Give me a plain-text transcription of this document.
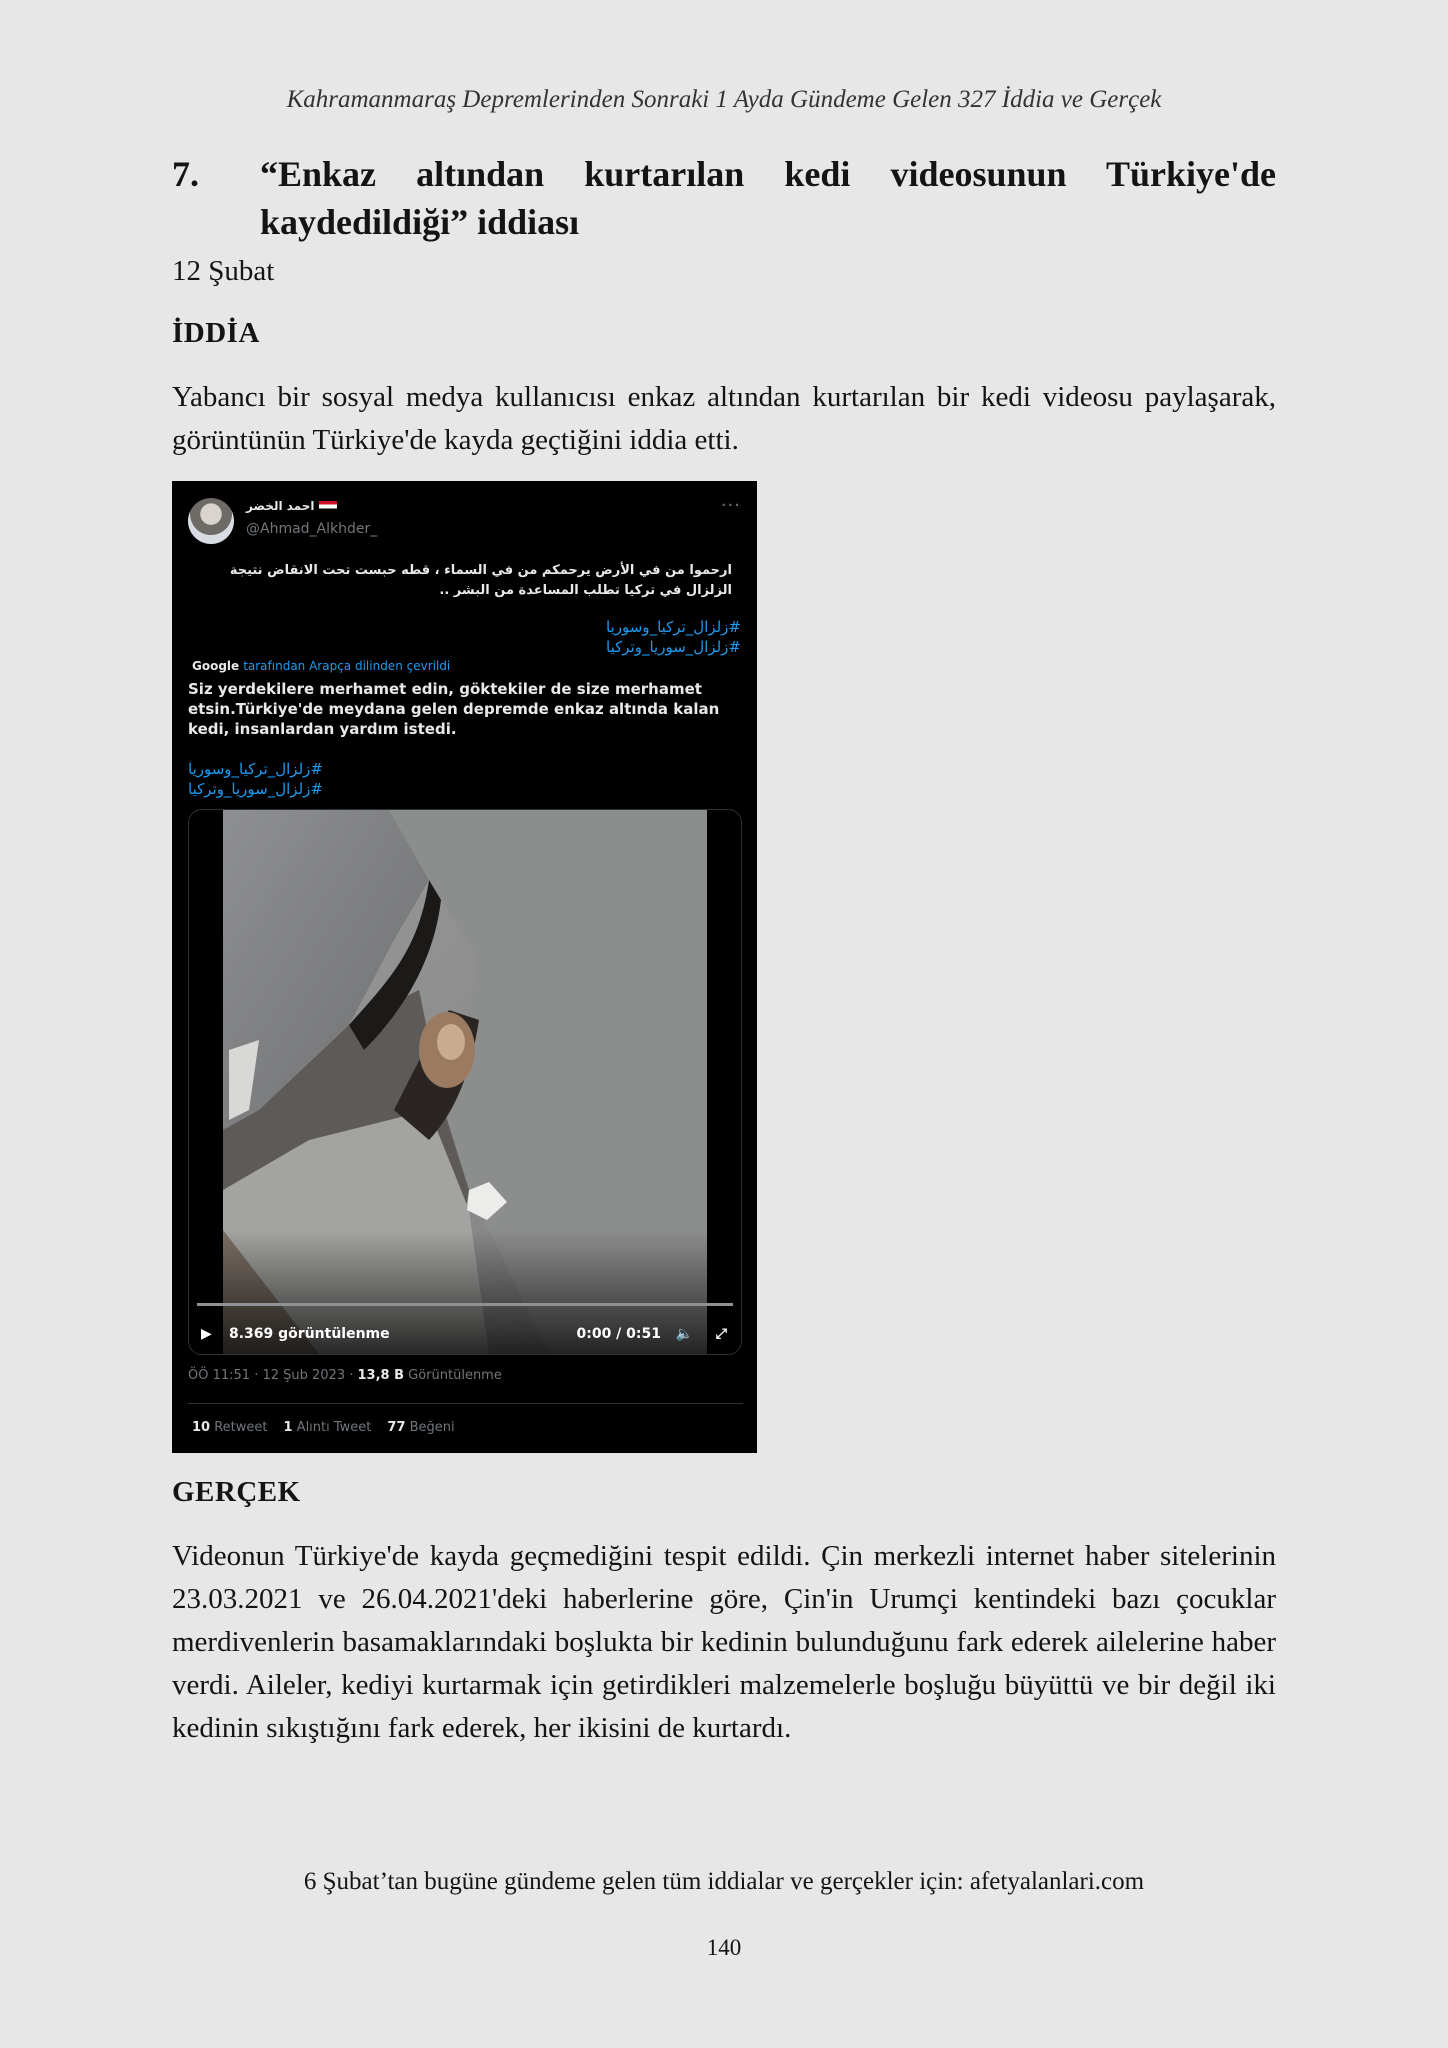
Kahramanmaraş Depremlerinden Sonraki 1 Ayda Gündeme Gelen 327 İddia ve Gerçek
7. “Enkaz altından kurtarılan kedi videosunun Türkiye'de
kaydedildiği” iddiası
12 Şubat
İDDİA

Yabancı bir sosyal medya kullanıcısı enkaz altından kurtarılan bir kedi videosu paylaşarak, görüntünün Türkiye'de kayda geçtiğini iddia etti.

احمد الخضر
@Ahmad_Alkhder_
···
ارحموا من في الأرض يرحمكم من في السماء ، قطه حبست تحت الانقاض نتيجة الزلزال في تركيا تطلب المساعدة من البشر ..
#زلزال_تركيا_وسوريا
#زلزال_سوريا_وتركيا
Google tarafından Arapça dilinden çevrildi
Siz yerdekilere merhamet edin, göktekiler de size merhamet etsin.Türkiye'de meydana gelen depremde enkaz altında kalan kedi, insanlardan yardım istedi.
#زلزال_تركيا_وسوريا
#زلزال_سوريا_وتركيا
▶ 8.369 görüntülenme	0:00 / 0:51 🔈 ⤢
ÖÖ 11:51 · 12 Şub 2023 · 13,8 B Görüntülenme
10 Retweet 1 Alıntı Tweet 77 Beğeni
GERÇEK

Videonun Türkiye'de kayda geçmediğini tespit edildi. Çin merkezli internet haber sitelerinin 23.03.2021 ve 26.04.2021'deki haberlerine göre, Çin'in Urumçi kentindeki bazı çocuklar merdivenlerin basamaklarındaki boşlukta bir kedinin bulunduğunu fark ederek ailelerine haber verdi. Aileler, kediyi kurtarmak için getirdikleri malzemelerle boşluğu büyüttü ve bir değil iki kedinin sıkıştığını fark ederek, her ikisini de kurtardı.

6 Şubat’tan bugüne gündeme gelen tüm iddialar ve gerçekler için: afetyalanlari.com
140
